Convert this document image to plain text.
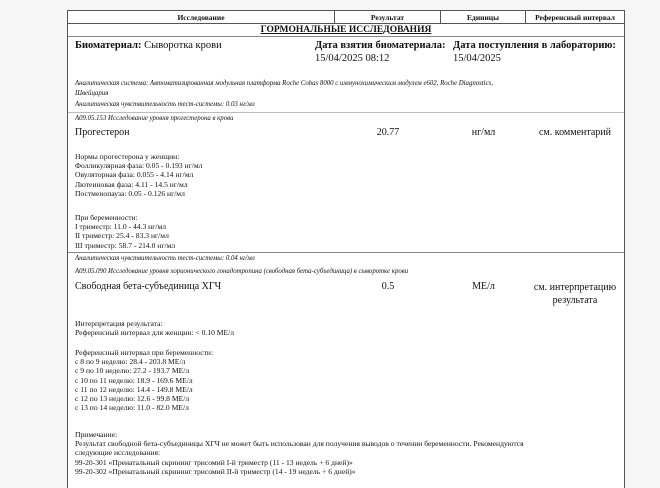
Исследование	Результат	Единицы	Референсный интервал
ГОРМОНАЛЬНЫЕ ИССЛЕДОВАНИЯ
Биоматериал: Сыворотка крови	Дата взятия биоматериала:
15/04/2025 08:12
Дата поступления в лабораторию:
15/04/2025
Аналитическая система: Автоматизированная модульная платформа Roche Cobas 8000 с иммунохимическим модулем e602, Roche Diagnostics,
Швейцария
Аналитическая чувствительность тест-системы: 0.03 нг/мл
A09.05.153 Исследование уровня прогестерона в крови
Прогестерон	20.77	нг/мл	см. комментарий
Нормы прогестерона у женщин:
Фолликулярная фаза: 0.05 - 0.193 нг/мл
Овуляторная фаза: 0.055 - 4.14 нг/мл
Лютеиновая фаза: 4.11 - 14.5 нг/мл
Постменопауза: 0.05 - 0.126 нг/мл
При беременности:
I триместр: 11.0 - 44.3 нг/мл
II триместр: 25.4 - 83.3 нг/мл
III триместр: 58.7 - 214.0 нг/мл
Аналитическая чувствительность тест-системы: 0.04 нг/мл
A09.05.090 Исследование уровня хорионического гонадотропина (свободная бета-субъединица) в сыворотке крови
Свободная бета-субъединица ХГЧ	0.5	МЕ/л	см. интерпретацию
результата
Интерпретация результата:
Референсный интервал для женщин: < 0.10 МЕ/л
Референсный интервал при беременности:
с 8 по 9 неделю: 28.4 - 203.8 МЕ/л
с 9 по 10 неделю: 27.2 - 193.7 МЕ/л
с 10 по 11 неделю: 18.9 - 169.6 МЕ/л
с 11 по 12 неделю: 14.4 - 149.8 МЕ/л
с 12 по 13 неделю: 12.6 - 99.8 МЕ/л
с 13 по 14 неделю: 11.0 - 82.0 МЕ/л
Примечание:
Результат свободной бета-субъединицы ХГЧ не может быть использован для получения выводов о течении беременности. Рекомендуются
следующие исследования:
99-20-301 «Пренатальный скрининг трисомий I-й триместр (11 - 13 недель + 6 дней)»
99-20-302 «Пренатальный скрининг трисомий II-й триместр (14 - 19 недель + 6 дней)»
